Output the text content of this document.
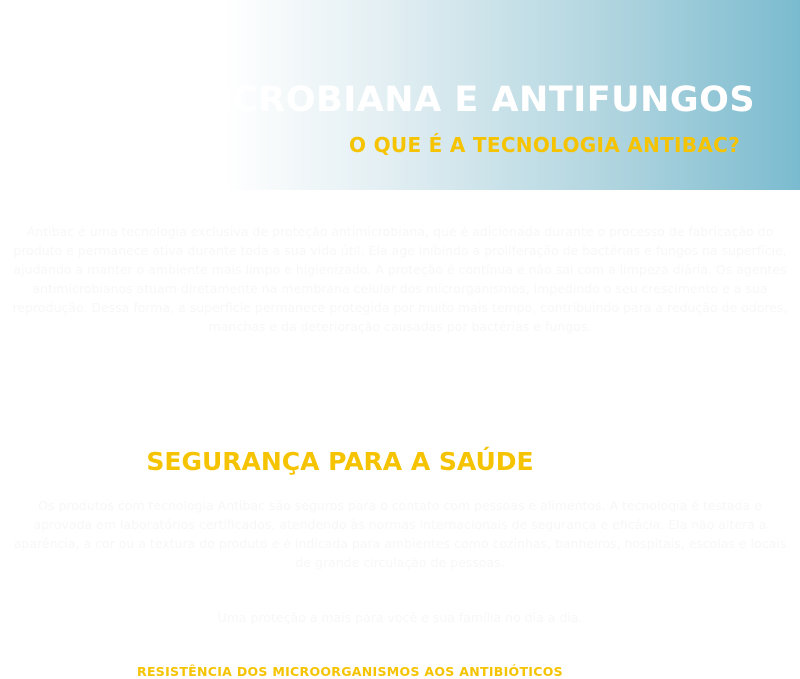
TECNOLOGIA
ANTIMICROBIANA E ANTIFUNGOS
O QUE É A TECNOLOGIA ANTIBAC?

Antibac é uma tecnologia exclusiva de proteção antimicrobiana, que é adicionada durante o processo de fabricação do produto e permanece ativa durante toda a sua vida útil. Ela age inibindo a proliferação de bactérias e fungos na superfície, ajudando a manter o ambiente mais limpo e higienizado. A proteção é contínua e não sai com a limpeza diária. Os agentes antimicrobianos atuam diretamente na membrana celular dos microrganismos, impedindo o seu crescimento e a sua reprodução. Dessa forma, a superfície permanece protegida por muito mais tempo, contribuindo para a redução de odores, manchas e da deterioração causadas por bactérias e fungos.

SEGURANÇA PARA A SAÚDE

Os produtos com tecnologia Antibac são seguros para o contato com pessoas e alimentos. A tecnologia é testada e aprovada em laboratórios certificados, atendendo às normas internacionais de segurança e eficácia. Ela não altera a aparência, a cor ou a textura do produto e é indicada para ambientes como cozinhas, banheiros, hospitais, escolas e locais de grande circulação de pessoas.

Uma proteção a mais para você e sua família no dia a dia.

RESISTÊNCIA DOS MICROORGANISMOS AOS ANTIBIÓTICOS
